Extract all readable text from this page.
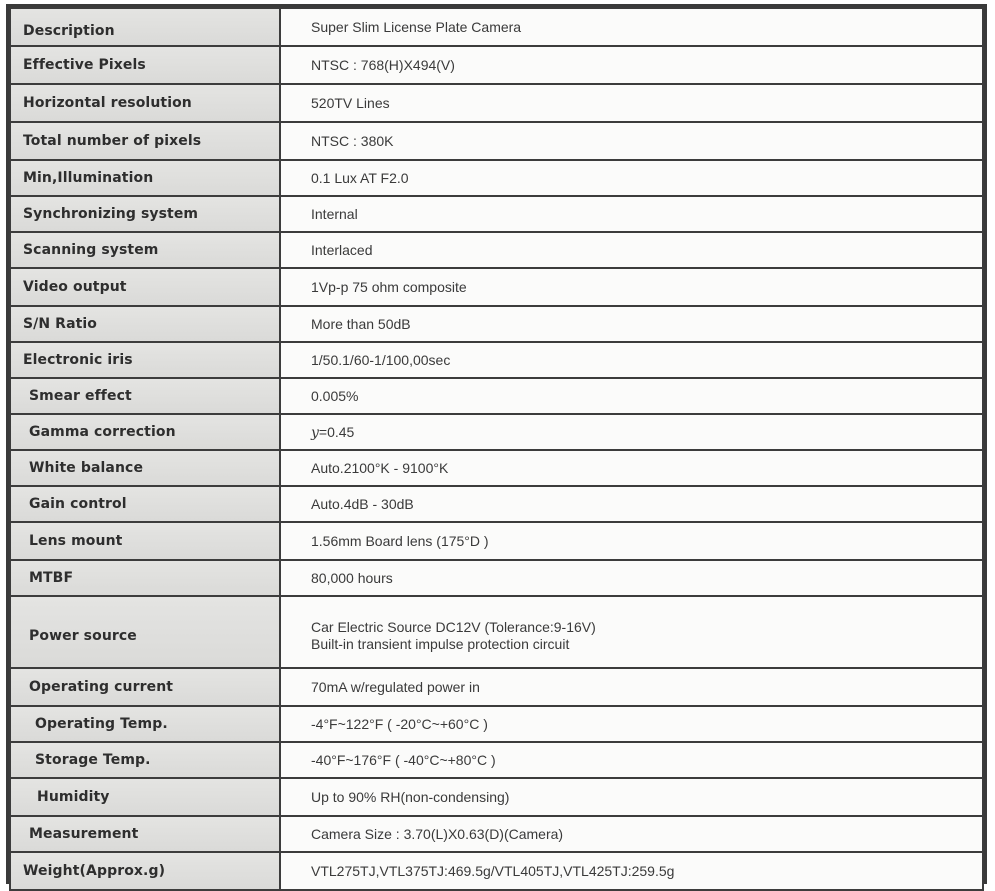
Description	Super Slim License Plate Camera
Effective Pixels	NTSC : 768(H)X494(V)
Horizontal resolution	520TV Lines
Total number of pixels	NTSC : 380K
Min,Illumination	0.1 Lux AT F2.0
Synchronizing system	Internal
Scanning system	Interlaced
Video output	1Vp-p 75 ohm composite
S/N Ratio	More than 50dB
Electronic iris	1/50.1/60-1/100,00sec
Smear effect	0.005%
Gamma correction	y=0.45
White balance	Auto.2100°K - 9100°K
Gain control	Auto.4dB - 30dB
Lens mount	1.56mm Board lens (175°D )
MTBF	80,000 hours
Power source	Car Electric Source DC12V (Tolerance:9-16V)
Built-in transient impulse protection circuit

Operating current	70mA w/regulated power in
Operating Temp.	-4°F~122°F ( -20°C~+60°C )
Storage Temp.	-40°F~176°F ( -40°C~+80°C )
Humidity	Up to 90% RH(non-condensing)
Measurement	Camera Size : 3.70(L)X0.63(D)(Camera)
Weight(Approx.g)	VTL275TJ,VTL375TJ:469.5g/VTL405TJ,VTL425TJ:259.5g
